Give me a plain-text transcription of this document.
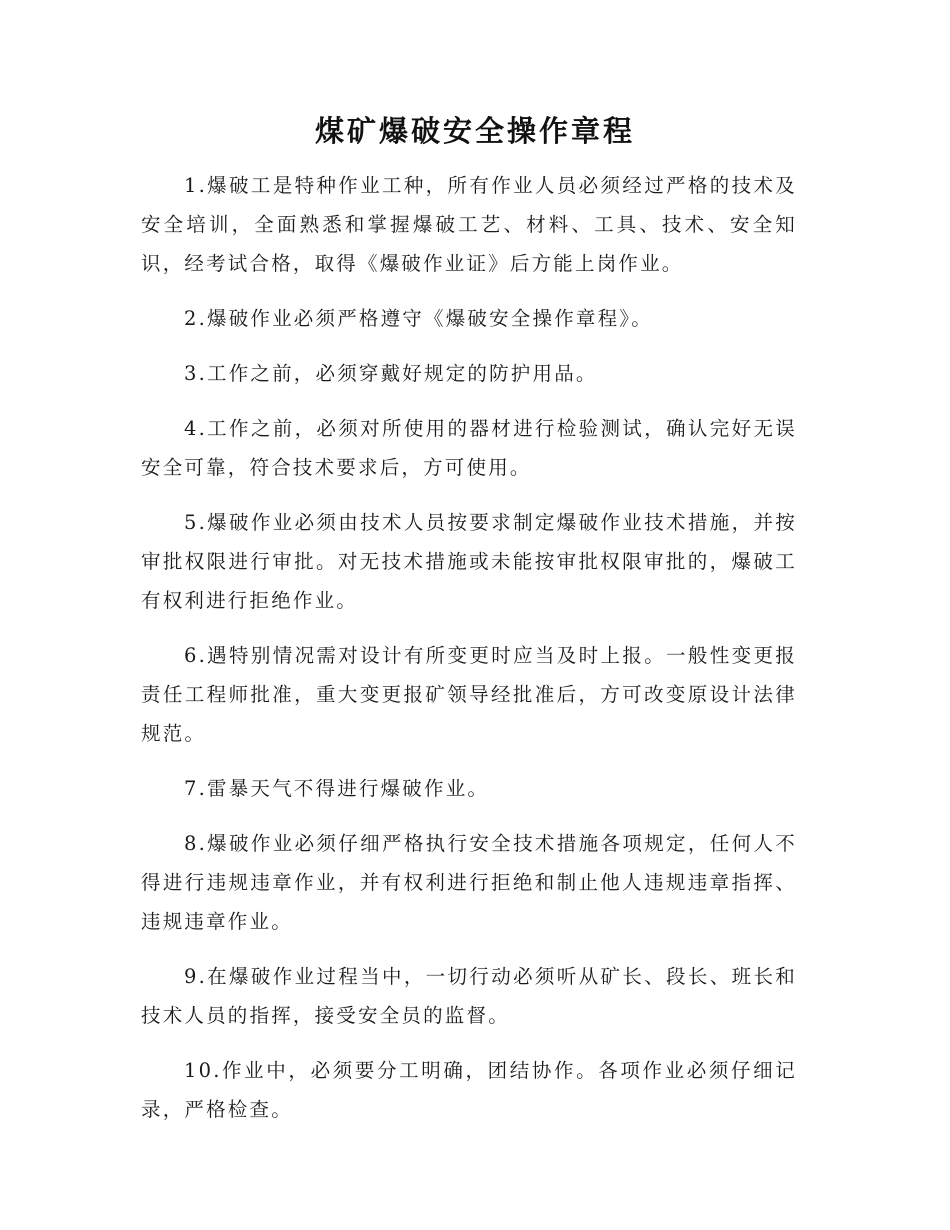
煤矿爆破安全操作章程

1.爆破工是特种作业工种，所有作业人员必须经过严格的技术及安全培训，全面熟悉和掌握爆破工艺、材料、工具、技术、安全知识，经考试合格，取得《爆破作业证》后方能上岗作业。

2.爆破作业必须严格遵守《爆破安全操作章程》。

3.工作之前，必须穿戴好规定的防护用品。

4.工作之前，必须对所使用的器材进行检验测试，确认完好无误安全可靠，符合技术要求后，方可使用。

5.爆破作业必须由技术人员按要求制定爆破作业技术措施，并按审批权限进行审批。对无技术措施或未能按审批权限审批的，爆破工有权利进行拒绝作业。

6.遇特别情况需对设计有所变更时应当及时上报。一般性变更报责任工程师批准，重大变更报矿领导经批准后，方可改变原设计法律规范。

7.雷暴天气不得进行爆破作业。

8.爆破作业必须仔细严格执行安全技术措施各项规定，任何人不得进行违规违章作业，并有权利进行拒绝和制止他人违规违章指挥、违规违章作业。

9.在爆破作业过程当中，一切行动必须听从矿长、段长、班长和技术人员的指挥，接受安全员的监督。

10.作业中，必须要分工明确，团结协作。各项作业必须仔细记录，严格检查。
